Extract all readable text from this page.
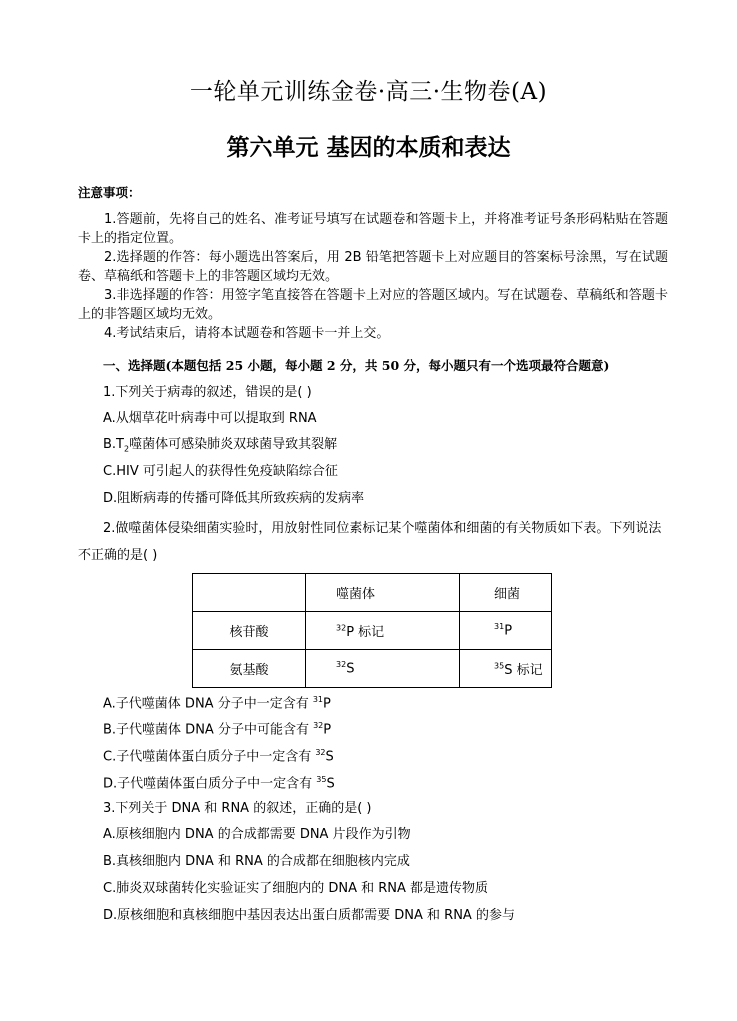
一轮单元训练金卷·高三·生物卷(A)
第六单元 基因的本质和表达
注意事项：

1.答题前，先将自己的姓名、准考证号填写在试题卷和答题卡上，并将准考证号条形码粘贴在答题卡上的指定位置。

2.选择题的作答：每小题选出答案后，用 2B 铅笔把答题卡上对应题目的答案标号涂黑，写在试题卷、草稿纸和答题卡上的非答题区域均无效。

3.非选择题的作答：用签字笔直接答在答题卡上对应的答题区域内。写在试题卷、草稿纸和答题卡上的非答题区域均无效。

4.考试结束后，请将本试题卷和答题卡一并上交。

一、选择题(本题包括 25 小题，每小题 2 分，共 50 分，每小题只有一个选项最符合题意)
1.下列关于病毒的叙述，错误的是( )
A.从烟草花叶病毒中可以提取到 RNA
$B.T_2$噬菌体可感染肺炎双球菌导致其裂解
C.HIV 可引起人的获得性免疫缺陷综合征
D.阻断病毒的传播可降低其所致疾病的发病率

2.做噬菌体侵染细菌实验时，用放射性同位素标记某个噬菌体和细菌的有关物质如下表。下列说法不正确的是( )

	噬菌体	细菌
核苷酸	$^{32}$P 标记	$^{31}$P
氨基酸	$^{32}$S	$^{35}$S 标记
A.子代噬菌体 DNA 分子中一定含有 $^{31}$P
B.子代噬菌体 DNA 分子中可能含有 $^{32}$P
C.子代噬菌体蛋白质分子中一定含有 $^{32}$S
D.子代噬菌体蛋白质分子中一定含有 $^{35}$S
3.下列关于 DNA 和 RNA 的叙述，正确的是( )
A.原核细胞内 DNA 的合成都需要 DNA 片段作为引物
B.真核细胞内 DNA 和 RNA 的合成都在细胞核内完成
C.肺炎双球菌转化实验证实了细胞内的 DNA 和 RNA 都是遗传物质
D.原核细胞和真核细胞中基因表达出蛋白质都需要 DNA 和 RNA 的参与
